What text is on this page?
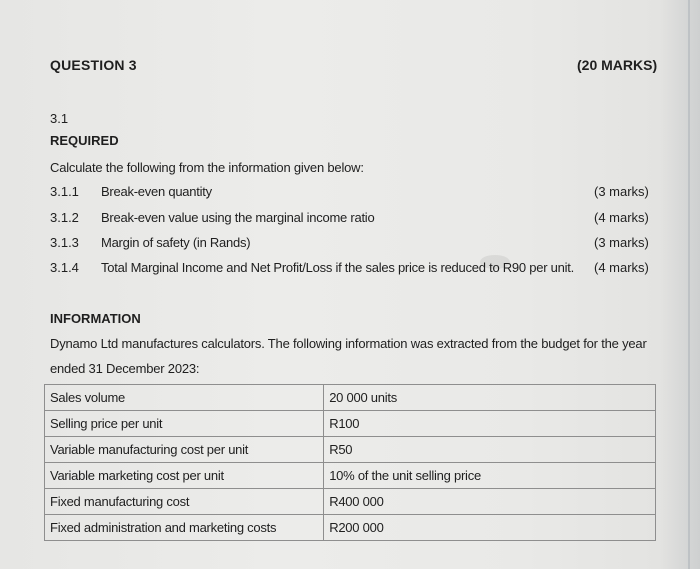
QUESTION 3	(20 MARKS)
3.1
REQUIRED
Calculate the following from the information given below:
3.1.1 Break-even quantity	(3 marks)
3.1.2 Break-even value using the marginal income ratio	(4 marks)
3.1.3 Margin of safety (in Rands)	(3 marks)
3.1.4 Total Marginal Income and Net Profit/Loss if the sales price is reduced to R90 per unit. (4 marks)
INFORMATION
Dynamo Ltd manufactures calculators. The following information was extracted from the budget for the year
ended 31 December 2023:
Sales volume	20 000 units
Selling price per unit	R100
Variable manufacturing cost per unit	R50
Variable marketing cost per unit	10% of the unit selling price
Fixed manufacturing cost	R400 000
Fixed administration and marketing costs	R200 000
